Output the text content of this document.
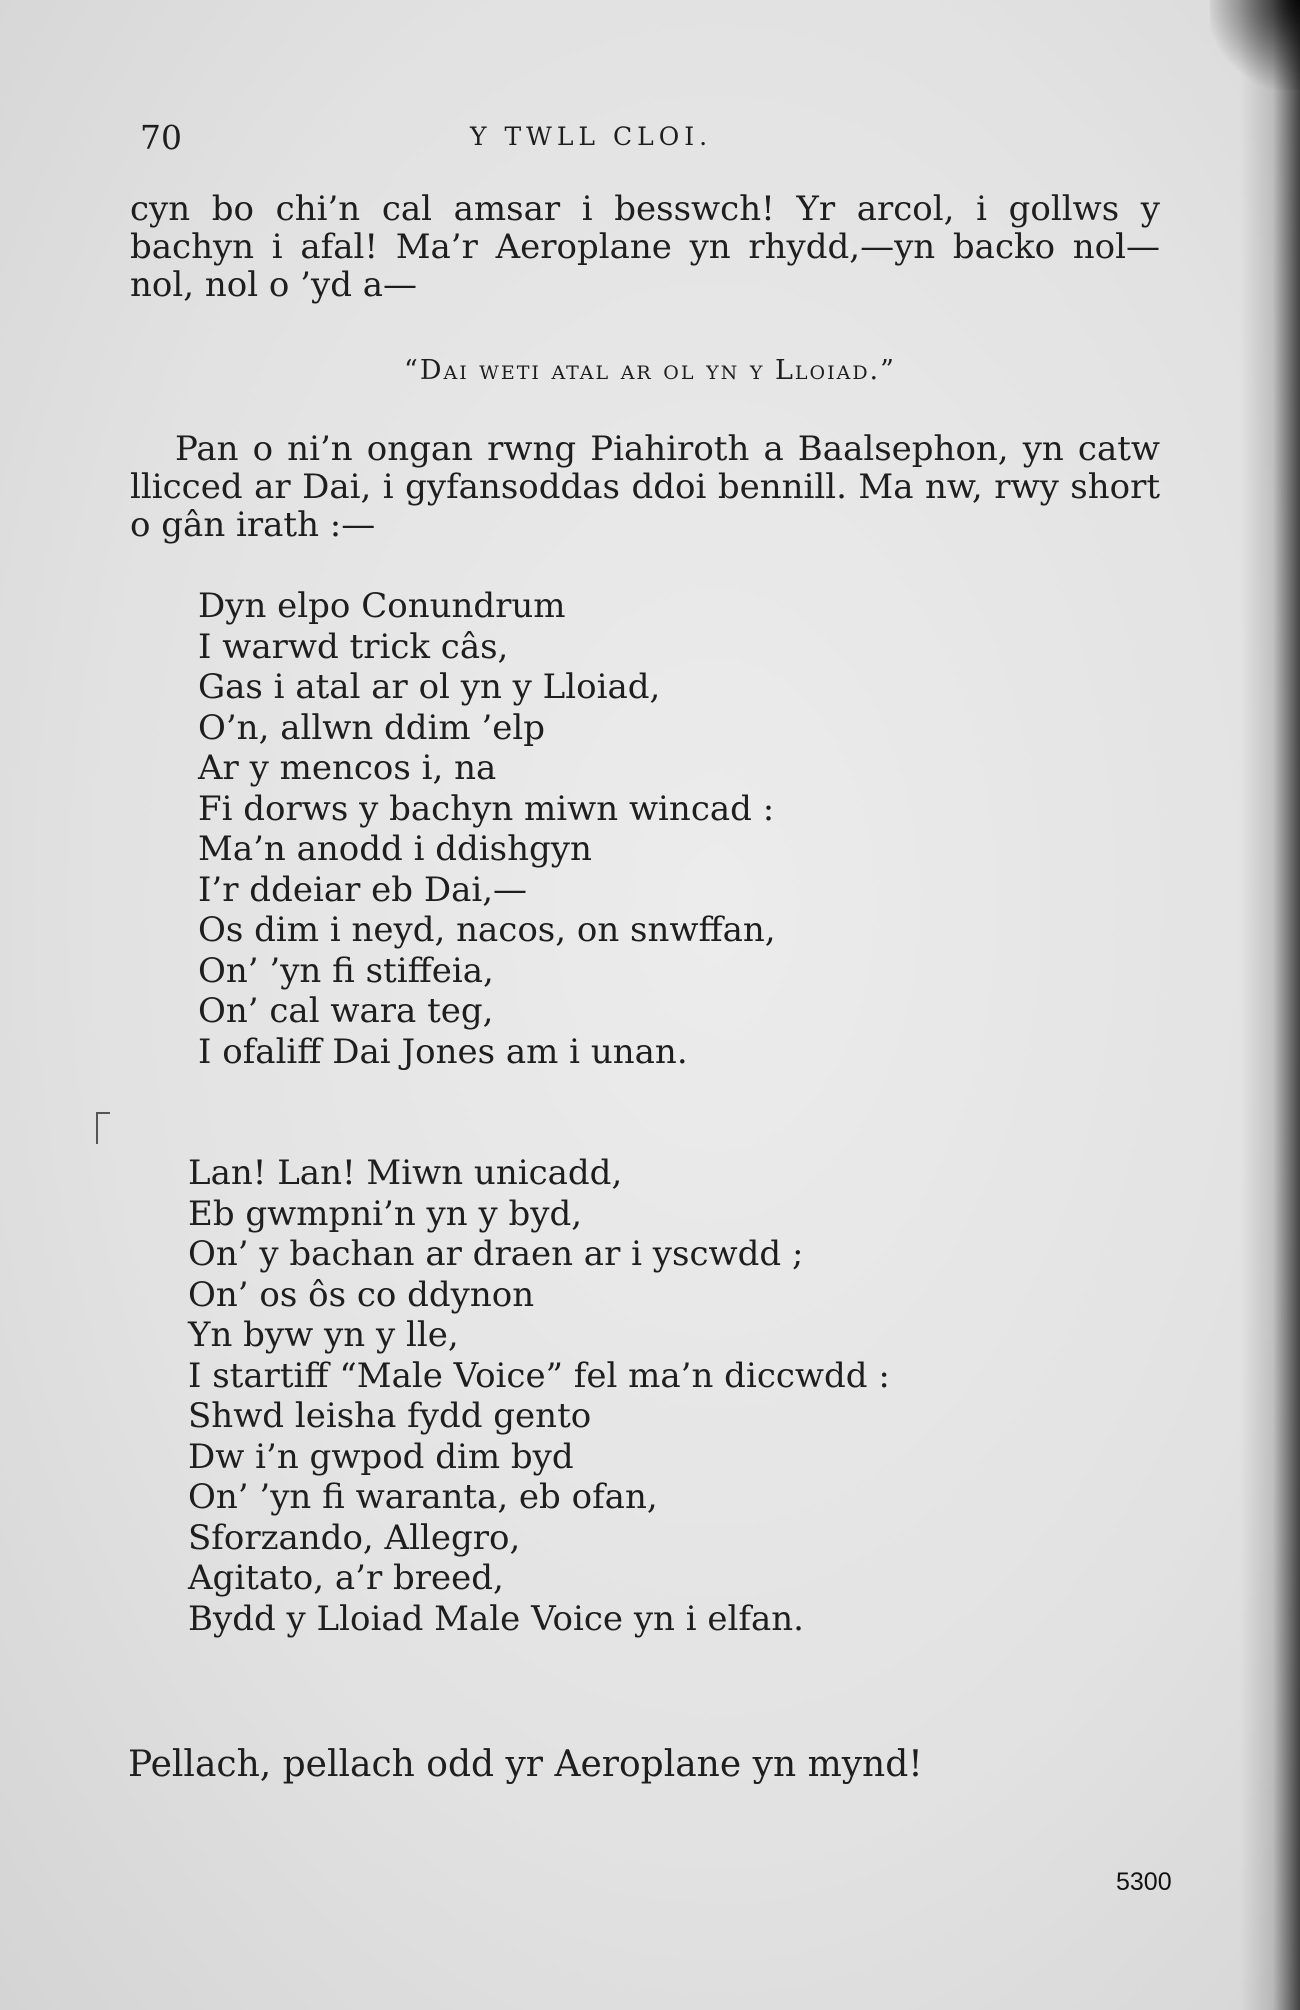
70	Y TWLL CLOI.

cyn bo chi’n cal amsar i besswch! Yr arcol, i gollws y bachyn i afal! Ma’r Aeroplane yn rhydd,—yn backo nol—nol, nol o ’yd a—

“Dai weti atal ar ol yn y Lloiad.”

Pan o ni’n ongan rwng Piahiroth a Baalsephon, yn catw llicced ar Dai, i gyfansoddas ddoi bennill. Ma nw, rwy short o gân irath :—

Dyn elpo Conundrum
I warwd trick câs,
Gas i atal ar ol yn y Lloiad,
O’n, allwn ddim ’elp
Ar y mencos i, na
Fi dorws y bachyn miwn wincad :
Ma’n anodd i ddishgyn
I’r ddeiar eb Dai,—
Os dim i neyd, nacos, on snwffan,
On’ ’yn fi stiffeia,
On’ cal wara teg,
I ofaliff Dai Jones am i unan.
Lan! Lan! Miwn unicadd,
Eb gwmpni’n yn y byd,
On’ y bachan ar draen ar i yscwdd ;
On’ os ôs co ddynon
Yn byw yn y lle,
I startiff “Male Voice” fel ma’n diccwdd :
Shwd leisha fydd gento
Dw i’n gwpod dim byd
On’ ’yn fi waranta, eb ofan,
Sforzando, Allegro,
Agitato, a’r breed,
Bydd y Lloiad Male Voice yn i elfan.

Pellach, pellach odd yr Aeroplane yn mynd!

5300
